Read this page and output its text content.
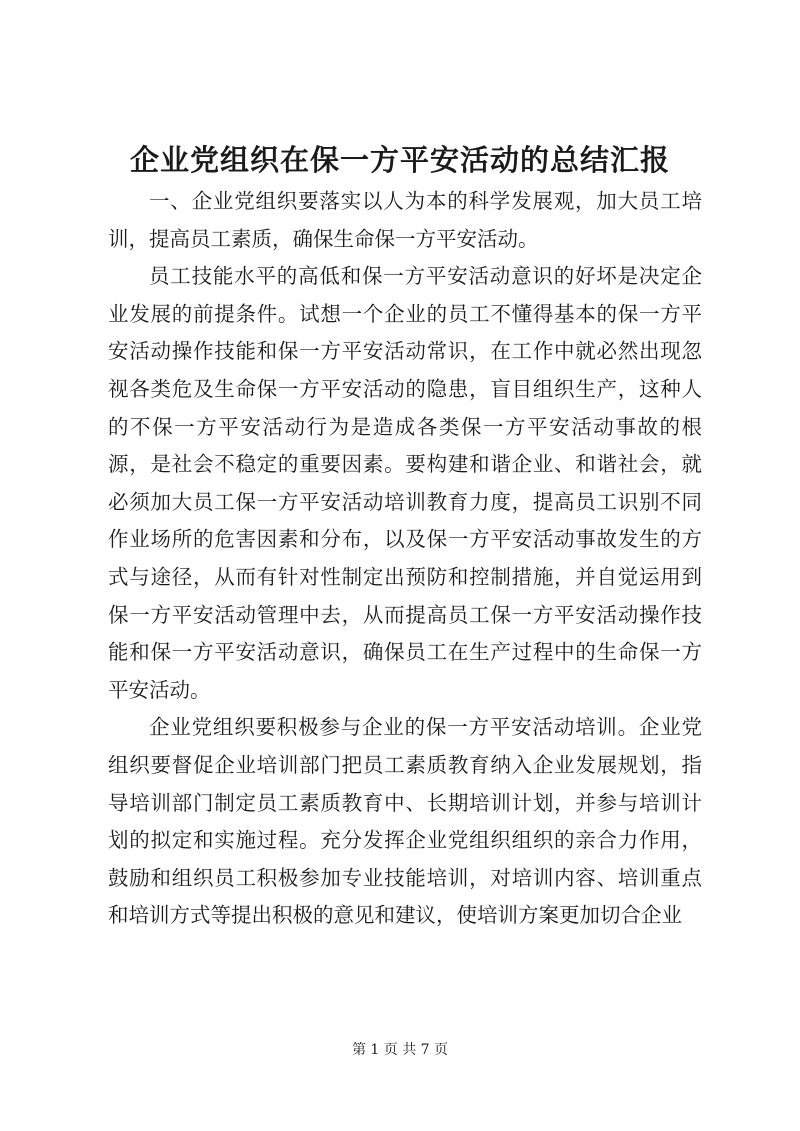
企业党组织在保一方平安活动的总结汇报

一、企业党组织要落实以人为本的科学发展观，加大员工培训，提高员工素质，确保生命保一方平安活动。

员工技能水平的高低和保一方平安活动意识的好坏是决定企业发展的前提条件。试想一个企业的员工不懂得基本的保一方平安活动操作技能和保一方平安活动常识，在工作中就必然出现忽视各类危及生命保一方平安活动的隐患，盲目组织生产，这种人的不保一方平安活动行为是造成各类保一方平安活动事故的根源，是社会不稳定的重要因素。要构建和谐企业、和谐社会，就必须加大员工保一方平安活动培训教育力度，提高员工识别不同作业场所的危害因素和分布，以及保一方平安活动事故发生的方式与途径，从而有针对性制定出预防和控制措施，并自觉运用到保一方平安活动管理中去，从而提高员工保一方平安活动操作技能和保一方平安活动意识，确保员工在生产过程中的生命保一方平安活动。

企业党组织要积极参与企业的保一方平安活动培训。企业党组织要督促企业培训部门把员工素质教育纳入企业发展规划，指导培训部门制定员工素质教育中、长期培训计划，并参与培训计划的拟定和实施过程。充分发挥企业党组织组织的亲合力作用，鼓励和组织员工积极参加专业技能培训，对培训内容、培训重点和培训方式等提出积极的意见和建议，使培训方案更加切合企业

第 1 页 共 7 页
